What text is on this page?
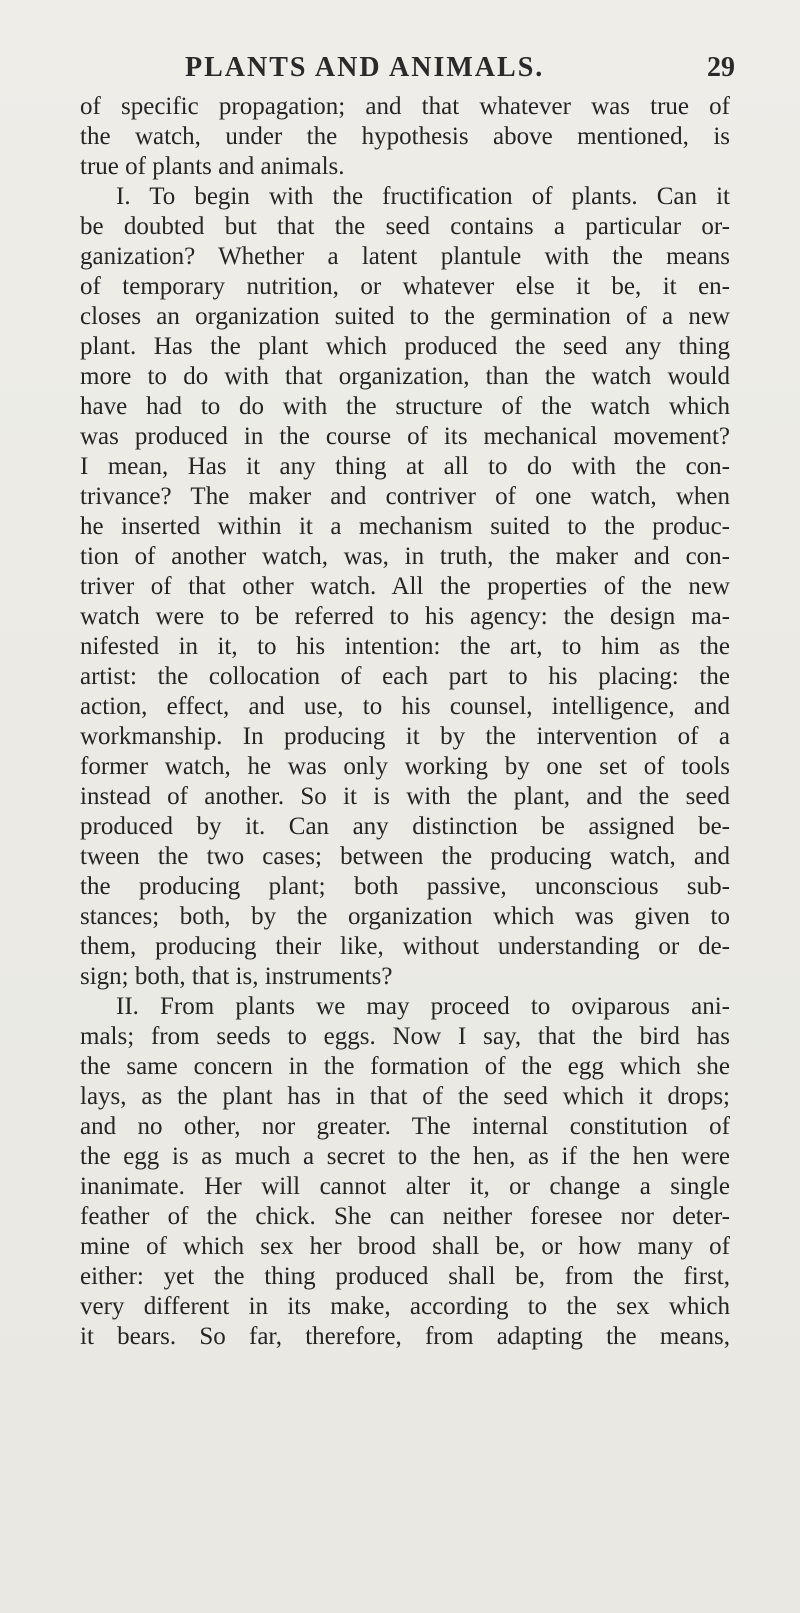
PLANTS AND ANIMALS.	29
of specific propagation; and that whatever was true of
the watch, under the hypothesis above mentioned, is
true of plants and animals.
I. To begin with the fructification of plants. Can it
be doubted but that the seed contains a particular or-
ganization? Whether a latent plantule with the means
of temporary nutrition, or whatever else it be, it en-
closes an organization suited to the germination of a new
plant. Has the plant which produced the seed any thing
more to do with that organization, than the watch would
have had to do with the structure of the watch which
was produced in the course of its mechanical movement?
I mean, Has it any thing at all to do with the con-
trivance? The maker and contriver of one watch, when
he inserted within it a mechanism suited to the produc-
tion of another watch, was, in truth, the maker and con-
triver of that other watch. All the properties of the new
watch were to be referred to his agency: the design ma-
nifested in it, to his intention: the art, to him as the
artist: the collocation of each part to his placing: the
action, effect, and use, to his counsel, intelligence, and
workmanship. In producing it by the intervention of a
former watch, he was only working by one set of tools
instead of another. So it is with the plant, and the seed
produced by it. Can any distinction be assigned be-
tween the two cases; between the producing watch, and
the producing plant; both passive, unconscious sub-
stances; both, by the organization which was given to
them, producing their like, without understanding or de-
sign; both, that is, instruments?
II. From plants we may proceed to oviparous ani-
mals; from seeds to eggs. Now I say, that the bird has
the same concern in the formation of the egg which she
lays, as the plant has in that of the seed which it drops;
and no other, nor greater. The internal constitution of
the egg is as much a secret to the hen, as if the hen were
inanimate. Her will cannot alter it, or change a single
feather of the chick. She can neither foresee nor deter-
mine of which sex her brood shall be, or how many of
either: yet the thing produced shall be, from the first,
very different in its make, according to the sex which
it bears. So far, therefore, from adapting the means,
